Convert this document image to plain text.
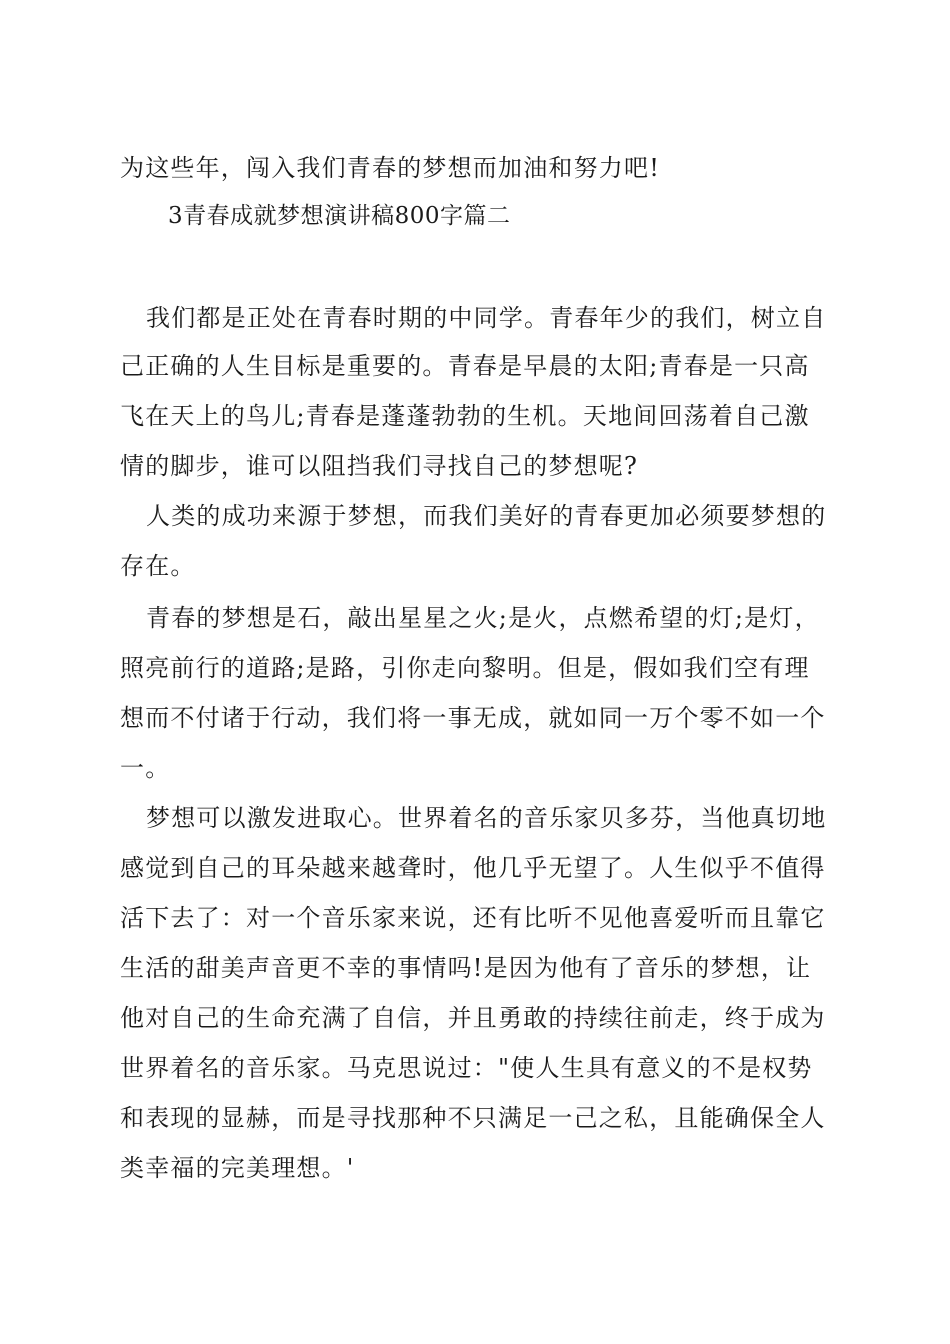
为这些年，闯入我们青春的梦想而加油和努力吧!
3青春成就梦想演讲稿800字篇二
我们都是正处在青春时期的中同学。青春年少的我们，树立自
己正确的人生目标是重要的。青春是早晨的太阳;青春是一只高
飞在天上的鸟儿;青春是蓬蓬勃勃的生机。天地间回荡着自己激
情的脚步，谁可以阻挡我们寻找自己的梦想呢?
人类的成功来源于梦想，而我们美好的青春更加必须要梦想的
存在。
青春的梦想是石，敲出星星之火;是火，点燃希望的灯;是灯，
照亮前行的道路;是路，引你走向黎明。但是，假如我们空有理
想而不付诸于行动，我们将一事无成，就如同一万个零不如一个
一。
梦想可以激发进取心。世界着名的音乐家贝多芬，当他真切地
感觉到自己的耳朵越来越聋时，他几乎无望了。人生似乎不值得
活下去了：对一个音乐家来说，还有比听不见他喜爱听而且靠它
生活的甜美声音更不幸的事情吗!是因为他有了音乐的梦想，让
他对自己的生命充满了自信，并且勇敢的持续往前走，终于成为
世界着名的音乐家。马克思说过："使人生具有意义的不是权势
和表现的显赫，而是寻找那种不只满足一己之私，且能确保全人
类幸福的完美理想。'
